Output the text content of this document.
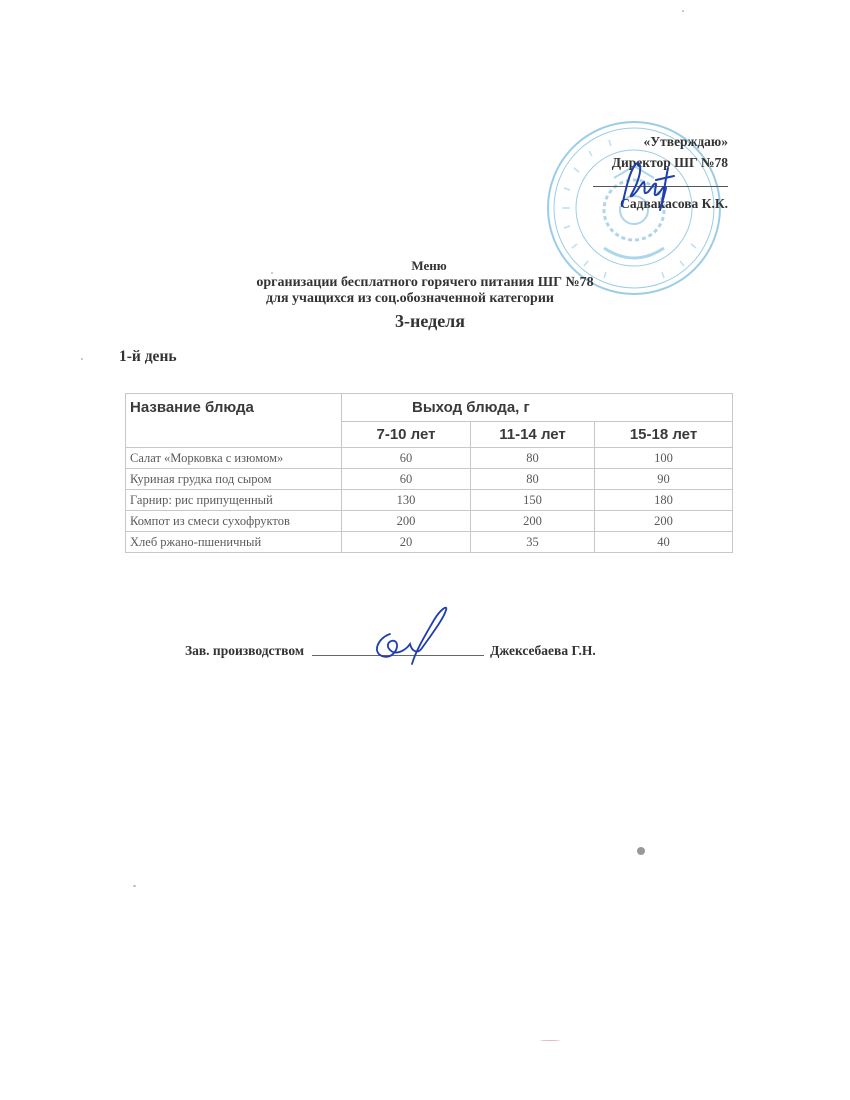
«Утверждаю»
Директор ШГ №78
Садвакасова К.К.
Меню
организации бесплатного горячего питания ШГ №78
для учащихся из соц.обозначенной категории
3-неделя
1-й день
Название блюда	Выход блюда, г		
	7-10 лет	11-14 лет	15-18 лет
Салат «Морковка с изюмом»	60	80	100
Куриная грудка под сыром	60	80	90
Гарнир: рис припущенный	130	150	180
Компот из смеси сухофруктов	200	200	200
Хлеб ржано-пшеничный	20	35	40
Зав. производством	Джексебаева Г.Н.
